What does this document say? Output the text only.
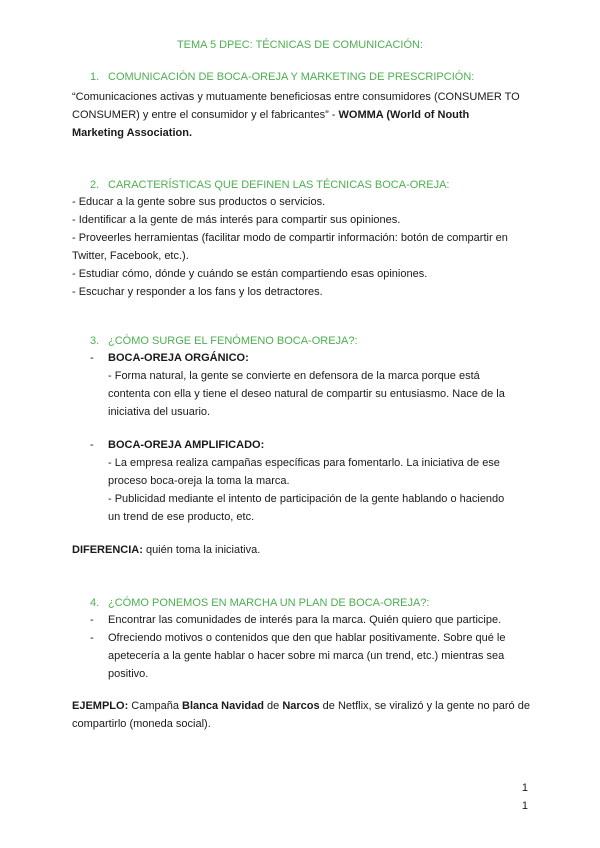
TEMA 5 DPEC: TÉCNICAS DE COMUNICACIÓN:
1. COMUNICACIÓN DE BOCA-OREJA Y MARKETING DE PRESCRIPCIÓN:
“Comunicaciones activas y mutuamente beneficiosas entre consumidores (CONSUMER TO
CONSUMER) y entre el consumidor y el fabricantes” - WOMMA (World of Nouth
Marketing Association.
2. CARACTERÍSTICAS QUE DEFINEN LAS TÉCNICAS BOCA-OREJA:
- Educar a la gente sobre sus productos o servicios.
- Identificar a la gente de más interés para compartir sus opiniones.
- Proveerles herramientas (facilitar modo de compartir información: botón de compartir en
Twitter, Facebook, etc.).
- Estudiar cómo, dónde y cuándo se están compartiendo esas opiniones.
- Escuchar y responder a los fans y los detractores.
3. ¿CÓMO SURGE EL FENÓMENO BOCA-OREJA?:
- BOCA-OREJA ORGÁNICO:
- Forma natural, la gente se convierte en defensora de la marca porque está
contenta con ella y tiene el deseo natural de compartir su entusiasmo. Nace de la
iniciativa del usuario.
- BOCA-OREJA AMPLIFICADO:
- La empresa realiza campañas específicas para fomentarlo. La iniciativa de ese
proceso boca-oreja la toma la marca.
- Publicidad mediante el intento de participación de la gente hablando o haciendo
un trend de ese producto, etc.
DIFERENCIA: quién toma la iniciativa.
4. ¿CÓMO PONEMOS EN MARCHA UN PLAN DE BOCA-OREJA?:
- Encontrar las comunidades de interés para la marca. Quién quiero que participe.
- Ofreciendo motivos o contenidos que den que hablar positivamente. Sobre qué le
apetecería a la gente hablar o hacer sobre mi marca (un trend, etc.) mientras sea
positivo.
EJEMPLO: Campaña Blanca Navidad de Narcos de Netflix, se viralizó y la gente no paró de
compartirlo (moneda social).
1
1
